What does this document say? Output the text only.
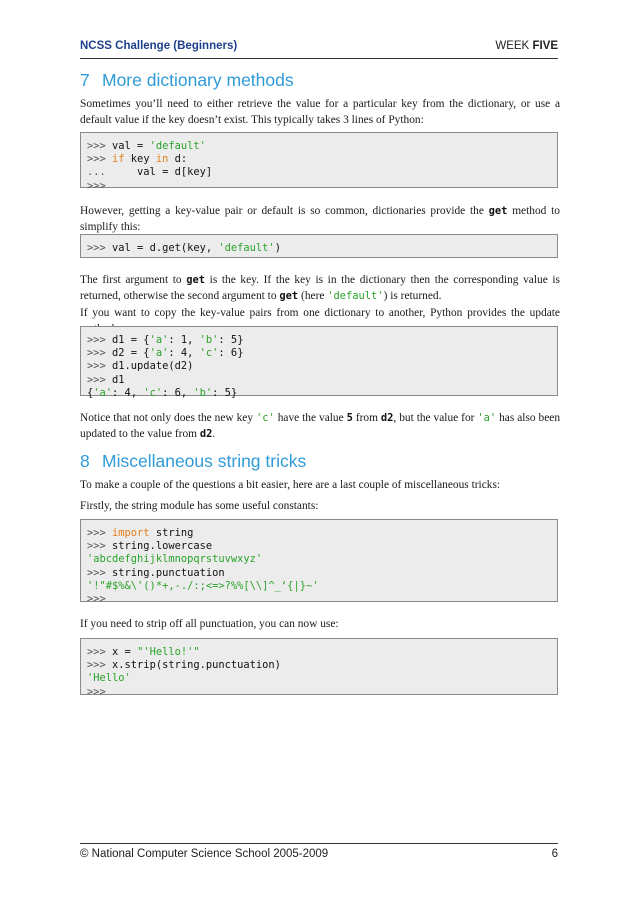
NCSS Challenge (Beginners)	WEEK FIVE
7 More dictionary methods
Sometimes you’ll need to either retrieve the value for a particular key from the dictionary, or use a default value if the key doesn’t exist. This typically takes 3 lines of Python:
>>> val = 'default'
>>> if key in d:
...     val = d[key]
>>>
However, getting a key-value pair or default is so common, dictionaries provide the get method to simplify this:
>>> val = d.get(key, 'default')
The first argument to get is the key. If the key is in the dictionary then the corresponding value is returned, otherwise the second argument to get (here 'default') is returned.
If you want to copy the key-value pairs from one dictionary to another, Python provides the update
>>> d1 = {'a': 1, 'b': 5}
>>> d2 = {'a': 4, 'c': 6}
>>> d1.update(d2)
>>> d1
{'a': 4, 'c': 6, 'b': 5}
Notice that not only does the new key 'c' have the value 5 from d2, but the value for 'a' has also been updated to the value from d2.
8 Miscellaneous string tricks
To make a couple of the questions a bit easier, here are a last couple of miscellaneous tricks:
Firstly, the string module has some useful constants:
>>> import string
>>> string.lowercase
'abcdefghijklmnopqrstuvwxyz'
>>> string.punctuation
'!"#$%&\'()*+,-./:;<=>?%%[\\]^_‘{|}~'
>>>
If you need to strip off all punctuation, you can now use:
>>> x = "'Hello!'"
>>> x.strip(string.punctuation)
'Hello'
>>>
© National Computer Science School 2005-2009	6
